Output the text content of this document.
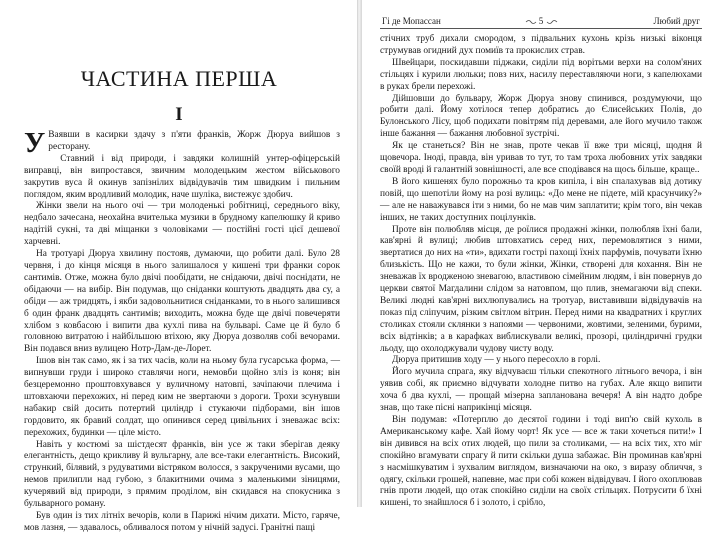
ЧАСТИНА ПЕРША
I

У Ваявши в касирки здачу з п'яти франків, Жорж Дюруа вийшов з ресторану.

Ставний і від природи, і завдяки колишній унтер-офіцерській виправці, він випростався, звичним молодецьким жестом військового закрутив вуса й окинув запізнілих відвідувачів тим швидким і пильним поглядом, яким вродливий молодик, наче шуліка, вистежує здобич.

Жінки звели на нього очі — три молоденькі робітниці, середнього віку, недбало зачесана, неохайна вчителька музики в брудному капелюшку й криво надітій сукні, та дві міщанки з чоловіками — постійні гості цієї дешевої харчевні.

На тротуарі Дюруа хвилину постояв, думаючи, що робити далі. Було 28 червня, і до кінця місяця в нього залишалося у кишені три франки сорок сантимів. Отже, можна було двічі пообідати, не снідаючи, двічі поснідати, не обідаючи — на вибір. Він подумав, що сніданки коштують двадцять два су, а обіди — аж тридцять, і якби задовольнитися сніданками, то в нього залишився б один франк двадцять сантимів; виходить, можна буде ще двічі повечеряти хлібом з ковбасою і випити два кухлі пива на бульварі. Саме це й було б головною витратою і найбільшою втіхою, яку Дюруа дозволяв собі вечорами. Він подався вниз вулицею Нотр-Дам-де-Лорет.

Ішов він так само, як і за тих часів, коли на ньому була гусарська форма, — випнувши груди і широко ставлячи ноги, немовби щойно зліз із коня; він безцеремонно проштовхувався у вуличному натовпі, зачіпаючи плечима і штовхаючи перехожих, ні перед ким не звертаючи з дороги. Трохи зсунувши набакир свій досить потертий циліндр і стукаючи підборами, він ішов гордовито, як бравий солдат, що опинився серед цивільних і зневажає всіх: перехожих, будинки — ціле місто.

Навіть у костюмі за шістдесят франків, він усе ж таки зберігав деяку елегантність, дещо крикливу й вульгарну, але все-таки елегантність. Високий, стрункий, білявий, з рудуватими вістряком волосся, з закрученими вусами, що немов прилипли над губою, з блакитними очима з маленькими зіницями, кучерявий від природи, з прямим проділом, він скидався на спокусника з бульварного роману.

Був один із тих літніх вечорів, коли в Парижі нічим дихати. Місто, гаряче, мов лазня, — здавалось, обливалося потом у нічній задусі. Гранітні пащі

Гі де Мопассан	5	Любий друг

стічних труб дихали смородом, з підвальних кухонь крізь низькі віконця струмував огидний дух помиїв та прокислих страв.

Швейцари, поскидавши піджаки, сиділи під ворітьми верхи на солом'яних стільцях і курили люльки; повз них, насилу переставляючи ноги, з капелюхами в руках брели перехожі.

Дійшовши до бульвару, Жорж Дюруа знову спинився, роздумуючи, що робити далі. Йому хотілося тепер добратись до Єлисейських Полів, до Булонського Лісу, щоб подихати повітрям під деревами, але його мучило також інше бажання — бажання любовної зустрічі.

Як це станеться? Він не знав, проте чекав її вже три місяці, щодня й щовечора. Іноді, правда, він уривав то тут, то там троха любовних утіх завдяки своїй вроді й галантній зовнішності, але все сподівався на щось більше, краще..

В його кишенях було порожньо та кров кипіла, і він спалахував від дотику повій, що шепотіли йому на розі вулиць: «До мене не підете, мій красунчику?» — але не наважувався іти з ними, бо не мав чим заплатити; крім того, він чекав інших, не таких доступних поцілунків.

Проте він полюбляв місця, де роїлися продажні жінки, полюбляв їхні бали, кав'ярні й вулиці; любив штовхатись серед них, перемовлятися з ними, звертатися до них на «ти», вдихати гострі пахощі їхніх парфумів, почувати їхню близькість. Що не кажи, то були жінки, Жінки, створені для кохання. Він не зневажав їх вродженою зневагою, властивою сімейним людям, і він повернув до церкви святої Магдалини слідом за натовпом, що плив, знемагаючи від спеки. Великі людні кав'ярні вихлюпувались на тротуар, виставивши відвідувачів на показ під сліпучим, різким світлом вітрин. Перед ними на квадратних і круглих столиках стояли склянки з напоями — червоними, жовтими, зеленими, бурими, всіх відтінків; а в карафках виблискували великі, прозорі, циліндричні грудки льоду, що охолоджували чудову чисту воду.

Дюруа притишив ходу — у нього пересохло в горлі.

Його мучила спрага, яку відчуваєш тільки спекотного літнього вечора, і він уявив собі, як приємно відчувати холодне питво на губах. Але якщо випити хоча б два кухлі, — прощай мізерна запланована вечеря! А він надто добре знав, що таке пісні наприкінці місяця.

Він подумав: «Потерплю до десятої години і тоді вип'ю свій кухоль в Американському кафе. Хай йому чорт! Як усе — все ж таки хочеться пити!» І він дивився на всіх отих людей, що пили за столиками, — на всіх тих, хто міг спокійно вгамувати спрагу й пити скільки душа забажає. Він проминав кав'ярні з насмішкуватим і зухвалим виглядом, визначаючи на око, з виразу обличчя, з одягу, скільки грошей, напевне, має при собі кожен відвідувач. І його охоплював гнів проти людей, що отак спокійно сиділи на своїх стільцях. Потрусити б їхні кишені, то знайшлося б і золото, і срібло,
